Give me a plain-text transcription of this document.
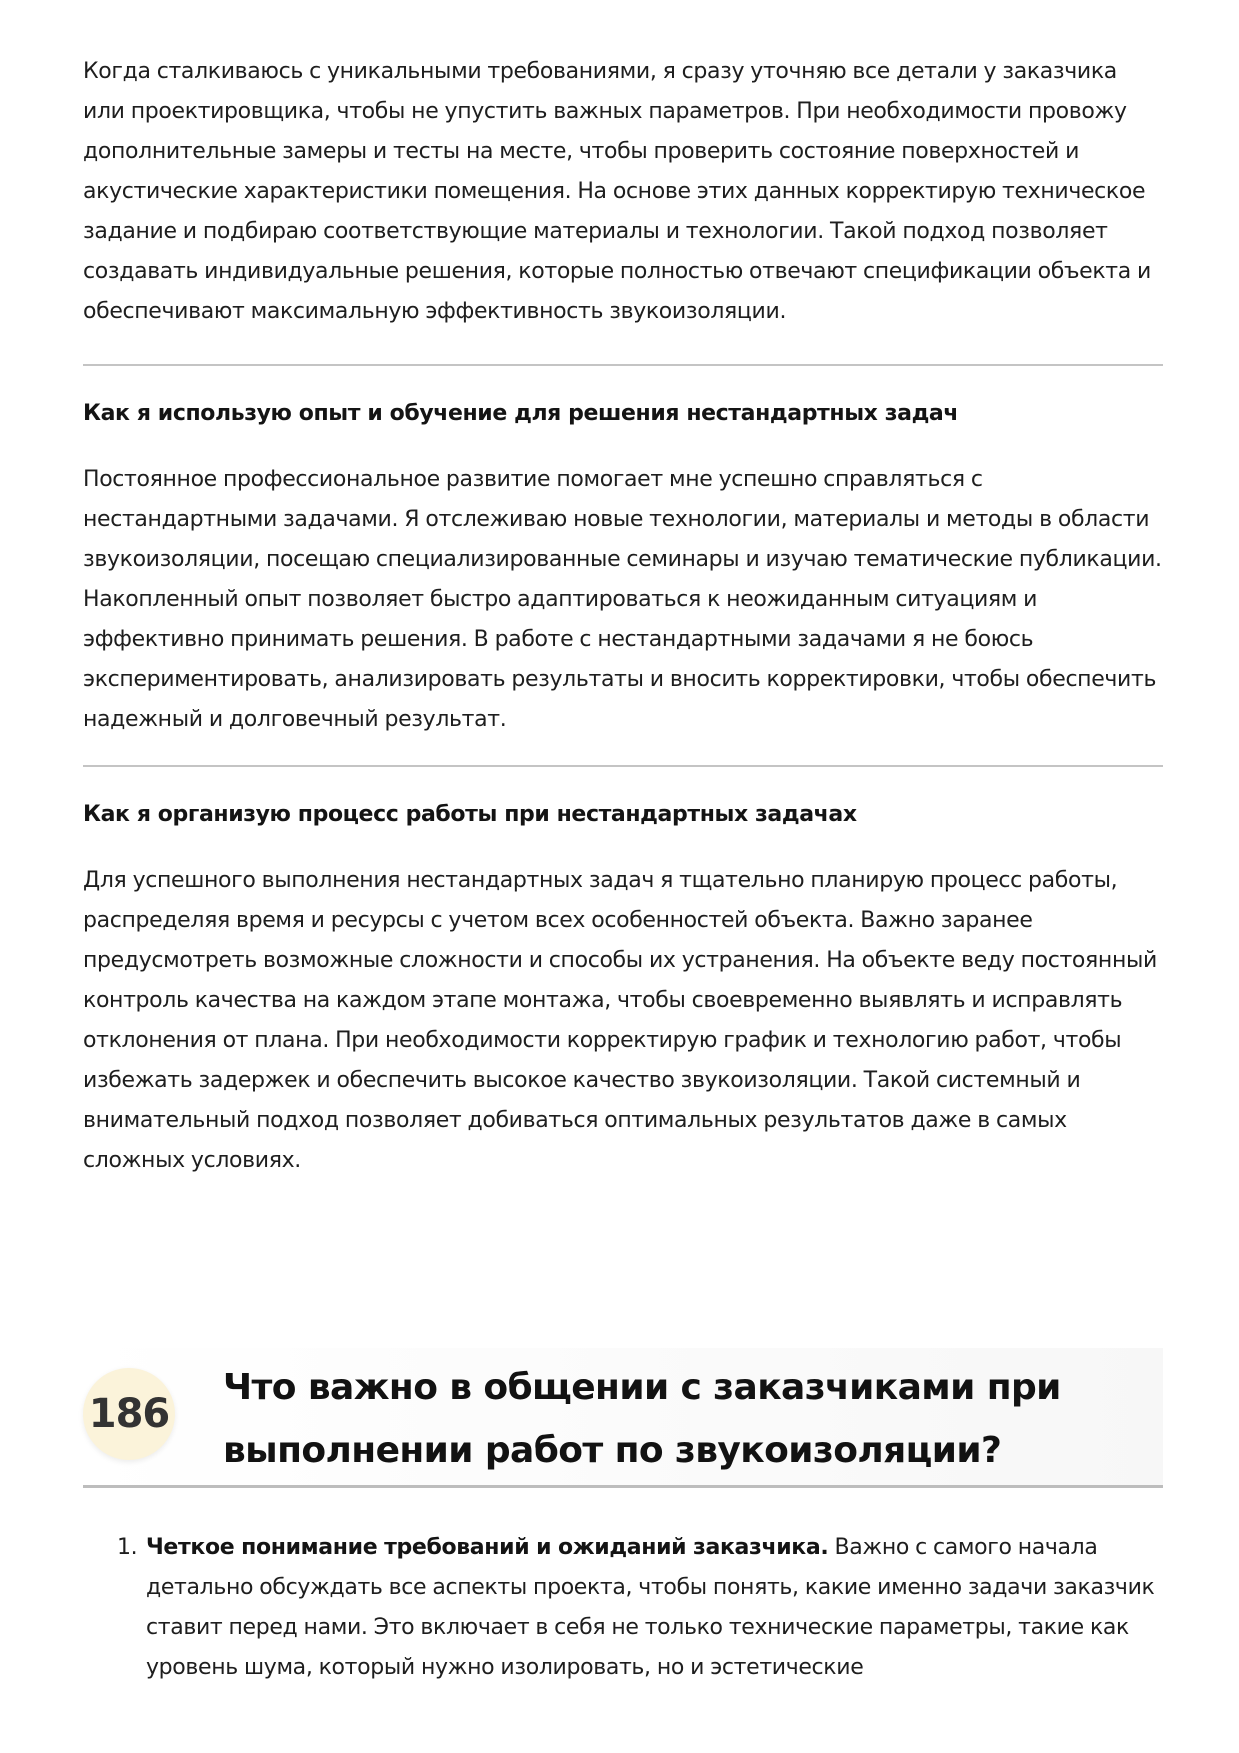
Когда сталкиваюсь с уникальными требованиями, я сразу уточняю все детали у заказчика или проектировщика, чтобы не упустить важных параметров. При необходимости провожу дополнительные замеры и тесты на месте, чтобы проверить состояние поверхностей и акустические характеристики помещения. На основе этих данных корректирую техническое задание и подбираю соответствующие материалы и технологии. Такой подход позволяет создавать индивидуальные решения, которые полностью отвечают спецификации объекта и обеспечивают максимальную эффективность звукоизоляции.

Как я использую опыт и обучение для решения нестандартных задач

Постоянное профессиональное развитие помогает мне успешно справляться с нестандартными задачами. Я отслеживаю новые технологии, материалы и методы в области звукоизоляции, посещаю специализированные семинары и изучаю тематические публикации. Накопленный опыт позволяет быстро адаптироваться к неожиданным ситуациям и эффективно принимать решения. В работе с нестандартными задачами я не боюсь экспериментировать, анализировать результаты и вносить корректировки, чтобы обеспечить надежный и долговечный результат.

Как я организую процесс работы при нестандартных задачах

Для успешного выполнения нестандартных задач я тщательно планирую процесс работы, распределяя время и ресурсы с учетом всех особенностей объекта. Важно заранее предусмотреть возможные сложности и способы их устранения. На объекте веду постоянный контроль качества на каждом этапе монтажа, чтобы своевременно выявлять и исправлять отклонения от плана. При необходимости корректирую график и технологию работ, чтобы избежать задержек и обеспечить высокое качество звукоизоляции. Такой системный и внимательный подход позволяет добиваться оптимальных результатов даже в самых сложных условиях.

186
Что важно в общении с заказчиками при выполнении работ по звукоизоляции?
1. Четкое понимание требований и ожиданий заказчика. Важно с самого начала детально обсуждать все аспекты проекта, чтобы понять, какие именно задачи заказчик ставит перед нами. Это включает в себя не только технические параметры, такие как уровень шума, который нужно изолировать, но и эстетические
